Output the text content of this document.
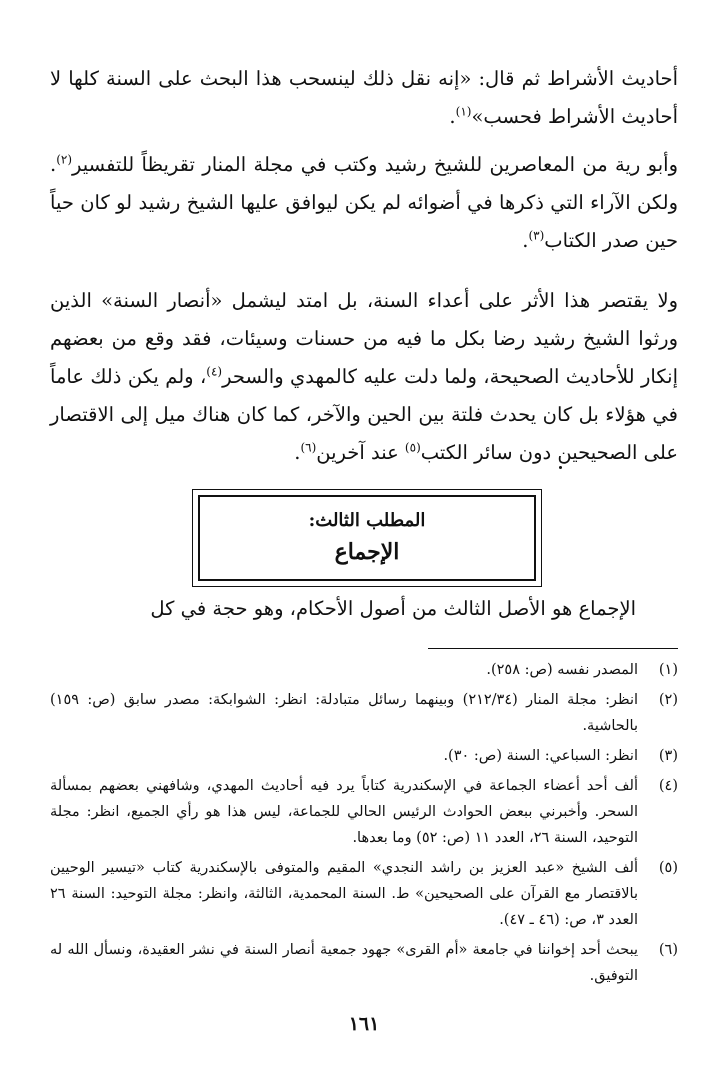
أحاديث الأشراط ثم قال: «إنه نقل ذلك لينسحب هذا البحث على السنة كلها لا أحاديث الأشراط فحسب»$^{(١)}$.

وأبو رية من المعاصرين للشيخ رشيد وكتب في مجلة المنار تقريظاً للتفسير$^{(٢)}$. ولكن الآراء التي ذكرها في أضوائه لم يكن ليوافق عليها الشيخ رشيد لو كان حياً حين صدر الكتاب$^{(٣)}$.

ولا يقتصر هذا الأثر على أعداء السنة، بل امتد ليشمل «أنصار السنة» الذين ورثوا الشيخ رشيد رضا بكل ما فيه من حسنات وسيئات، فقد وقع من بعضهم إنكار للأحاديث الصحيحة، ولما دلت عليه كالمهدي والسحر$^{(٤)}$، ولم يكن ذلك عاماً في هؤلاء بل كان يحدث فلتة بين الحين والآخر، كما كان هناك ميل إلى الاقتصار على الصحيحين دون سائر الكتب$^{(٥)}$ عند آخرين$^{(٦)}$.

المطلب الثالث:
الإجماع

الإجماع هو الأصل الثالث من أصول الأحكام، وهو حجة في كل

(١)
المصدر نفسه (ص: ٢٥٨).
(٢)
انظر: مجلة المنار (٢١٢/٣٤) وبينهما رسائل متبادلة: انظر: الشوابكة: مصدر سابق (ص: ١٥٩) بالحاشية.
(٣)
انظر: السباعي: السنة (ص: ٣٠).
(٤)
ألف أحد أعضاء الجماعة في الإسكندرية كتاباً يرد فيه أحاديث المهدي، وشافهني بعضهم بمسألة السحر. وأخبرني ببعض الحوادث الرئيس الحالي للجماعة، ليس هذا هو رأي الجميع، انظر: مجلة التوحيد، السنة ٢٦، العدد ١١ (ص: ٥٢) وما بعدها.
(٥)
ألف الشيخ «عبد العزيز بن راشد النجدي» المقيم والمتوفى بالإسكندرية كتاب «تيسير الوحيين بالاقتصار مع القرآن على الصحيحين» ط. السنة المحمدية، الثالثة، وانظر: مجلة التوحيد: السنة ٢٦ العدد ٣، ص: (٤٦ ـ ٤٧).
(٦)
يبحث أحد إخواننا في جامعة «أم القرى» جهود جمعية أنصار السنة في نشر العقيدة، ونسأل الله له التوفيق.
١٦١
